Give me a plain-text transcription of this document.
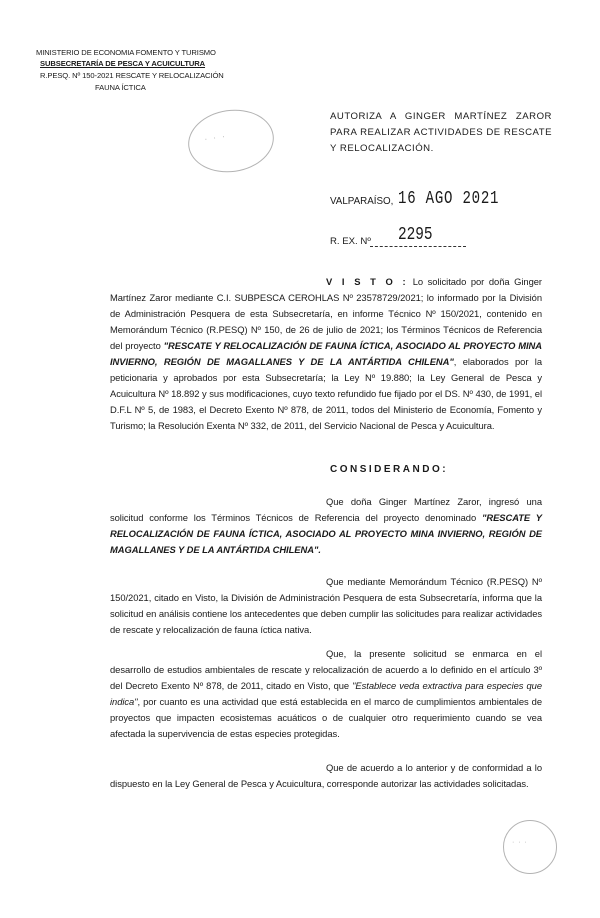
MINISTERIO DE ECONOMIA FOMENTO Y TURISMO
SUBSECRETARÍA DE PESCA Y ACUICULTURA
R.PESQ. Nº 150-2021 RESCATE Y RELOCALIZACIÓN
FAUNA ÍCTICA
· · ·
AUTORIZA A GINGER MARTÍNEZ ZAROR PARA REALIZAR ACTIVIDADES DE RESCATE Y RELOCALIZACIÓN.
VALPARAÍSO, 16 AGO 2021
R. EX. Nº 2295
V I S T O : Lo solicitado por doña Ginger Martínez Zaror mediante C.I. SUBPESCA CEROHLAS Nº 23578729/2021; lo informado por la División de Administración Pesquera de esta Subsecretaría, en informe Técnico Nº 150/2021, contenido en Memorándum Técnico (R.PESQ) Nº 150, de 26 de julio de 2021; los Términos Técnicos de Referencia del proyecto "RESCATE Y RELOCALIZACIÓN DE FAUNA ÍCTICA, ASOCIADO AL PROYECTO MINA INVIERNO, REGIÓN DE MAGALLANES Y DE LA ANTÁRTIDA CHILENA", elaborados por la peticionaria y aprobados por esta Subsecretaría; la Ley Nº 19.880; la Ley General de Pesca y Acuicultura Nº 18.892 y sus modificaciones, cuyo texto refundido fue fijado por el DS. Nº 430, de 1991, el D.F.L Nº 5, de 1983, el Decreto Exento Nº 878, de 2011, todos del Ministerio de Economía, Fomento y Turismo; la Resolución Exenta Nº 332, de 2011, del Servicio Nacional de Pesca y Acuicultura.
CONSIDERANDO:
Que doña Ginger Martínez Zaror, ingresó una solicitud conforme los Términos Técnicos de Referencia del proyecto denominado "RESCATE Y RELOCALIZACIÓN DE FAUNA ÍCTICA, ASOCIADO AL PROYECTO MINA INVIERNO, REGIÓN DE MAGALLANES Y DE LA ANTÁRTIDA CHILENA".
Que mediante Memorándum Técnico (R.PESQ) Nº 150/2021, citado en Visto, la División de Administración Pesquera de esta Subsecretaría, informa que la solicitud en análisis contiene los antecedentes que deben cumplir las solicitudes para realizar actividades de rescate y relocalización de fauna íctica nativa.
Que, la presente solicitud se enmarca en el desarrollo de estudios ambientales de rescate y relocalización de acuerdo a lo definido en el artículo 3º del Decreto Exento Nº 878, de 2011, citado en Visto, que "Establece veda extractiva para especies que indica", por cuanto es una actividad que está establecida en el marco de cumplimientos ambientales de proyectos que impacten ecosistemas acuáticos o de cualquier otro requerimiento cuando se vea afectada la supervivencia de estas especies protegidas.
Que de acuerdo a lo anterior y de conformidad a lo dispuesto en la Ley General de Pesca y Acuicultura, corresponde autorizar las actividades solicitadas.
· · ·
